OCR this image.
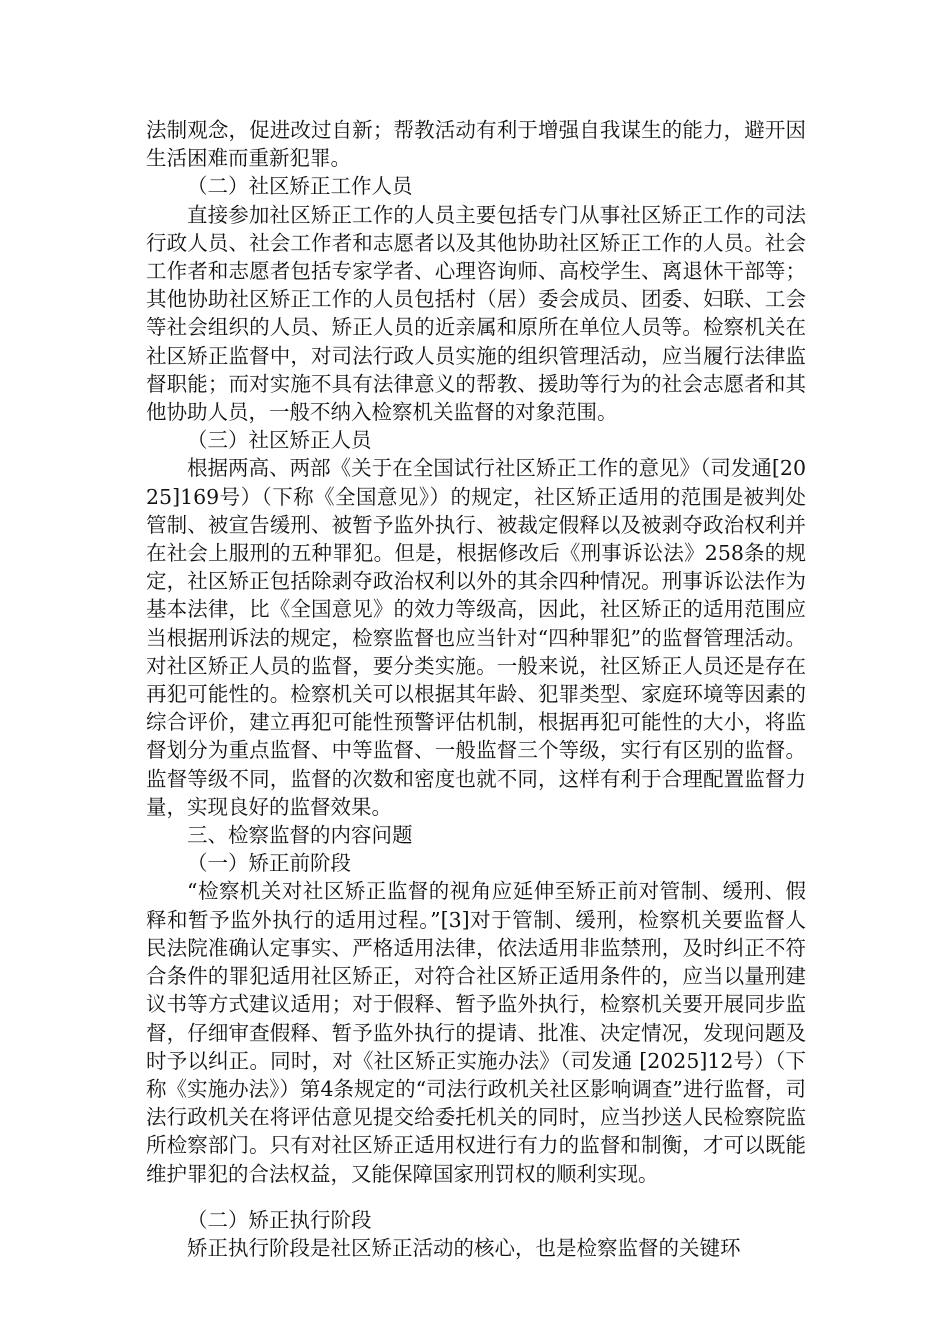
法制观念，促进改过自新；帮教活动有利于增强自我谋生的能力，避开因生活困难而重新犯罪。

（二）社区矫正工作人员

直接参加社区矫正工作的人员主要包括专门从事社区矫正工作的司法行政人员、社会工作者和志愿者以及其他协助社区矫正工作的人员。社会工作者和志愿者包括专家学者、心理咨询师、高校学生、离退休干部等；其他协助社区矫正工作的人员包括村（居）委会成员、团委、妇联、工会等社会组织的人员、矫正人员的近亲属和原所在单位人员等。检察机关在社区矫正监督中，对司法行政人员实施的组织管理活动，应当履行法律监督职能；而对实施不具有法律意义的帮教、援助等行为的社会志愿者和其他协助人员，一般不纳入检察机关监督的对象范围。

（三）社区矫正人员

根据两高、两部《关于在全国试行社区矫正工作的意见》（司发通[2025]169号）（下称《全国意见》）的规定，社区矫正适用的范围是被判处管制、被宣告缓刑、被暂予监外执行、被裁定假释以及被剥夺政治权利并在社会上服刑的五种罪犯。但是，根据修改后《刑事诉讼法》258条的规定，社区矫正包括除剥夺政治权利以外的其余四种情况。刑事诉讼法作为基本法律，比《全国意见》的效力等级高，因此，社区矫正的适用范围应当根据刑诉法的规定，检察监督也应当针对“四种罪犯”的监督管理活动。对社区矫正人员的监督，要分类实施。一般来说，社区矫正人员还是存在再犯可能性的。检察机关可以根据其年龄、犯罪类型、家庭环境等因素的综合评价，建立再犯可能性预警评估机制，根据再犯可能性的大小，将监督划分为重点监督、中等监督、一般监督三个等级，实行有区别的监督。监督等级不同，监督的次数和密度也就不同，这样有利于合理配置监督力量，实现良好的监督效果。

三、检察监督的内容问题

（一）矫正前阶段

“检察机关对社区矫正监督的视角应延伸至矫正前对管制、缓刑、假释和暂予监外执行的适用过程。”[3]对于管制、缓刑，检察机关要监督人民法院准确认定事实、严格适用法律，依法适用非监禁刑，及时纠正不符合条件的罪犯适用社区矫正，对符合社区矫正适用条件的，应当以量刑建议书等方式建议适用；对于假释、暂予监外执行，检察机关要开展同步监督，仔细审查假释、暂予监外执行的提请、批准、决定情况，发现问题及时予以纠正。同时，对《社区矫正实施办法》（司发通 [2025]12号）（下称《实施办法》）第4条规定的“司法行政机关社区影响调查”进行监督，司法行政机关在将评估意见提交给委托机关的同时，应当抄送人民检察院监所检察部门。只有对社区矫正适用权进行有力的监督和制衡，才可以既能维护罪犯的合法权益，又能保障国家刑罚权的顺利实现。

（二）矫正执行阶段

矫正执行阶段是社区矫正活动的核心，也是检察监督的关键环
